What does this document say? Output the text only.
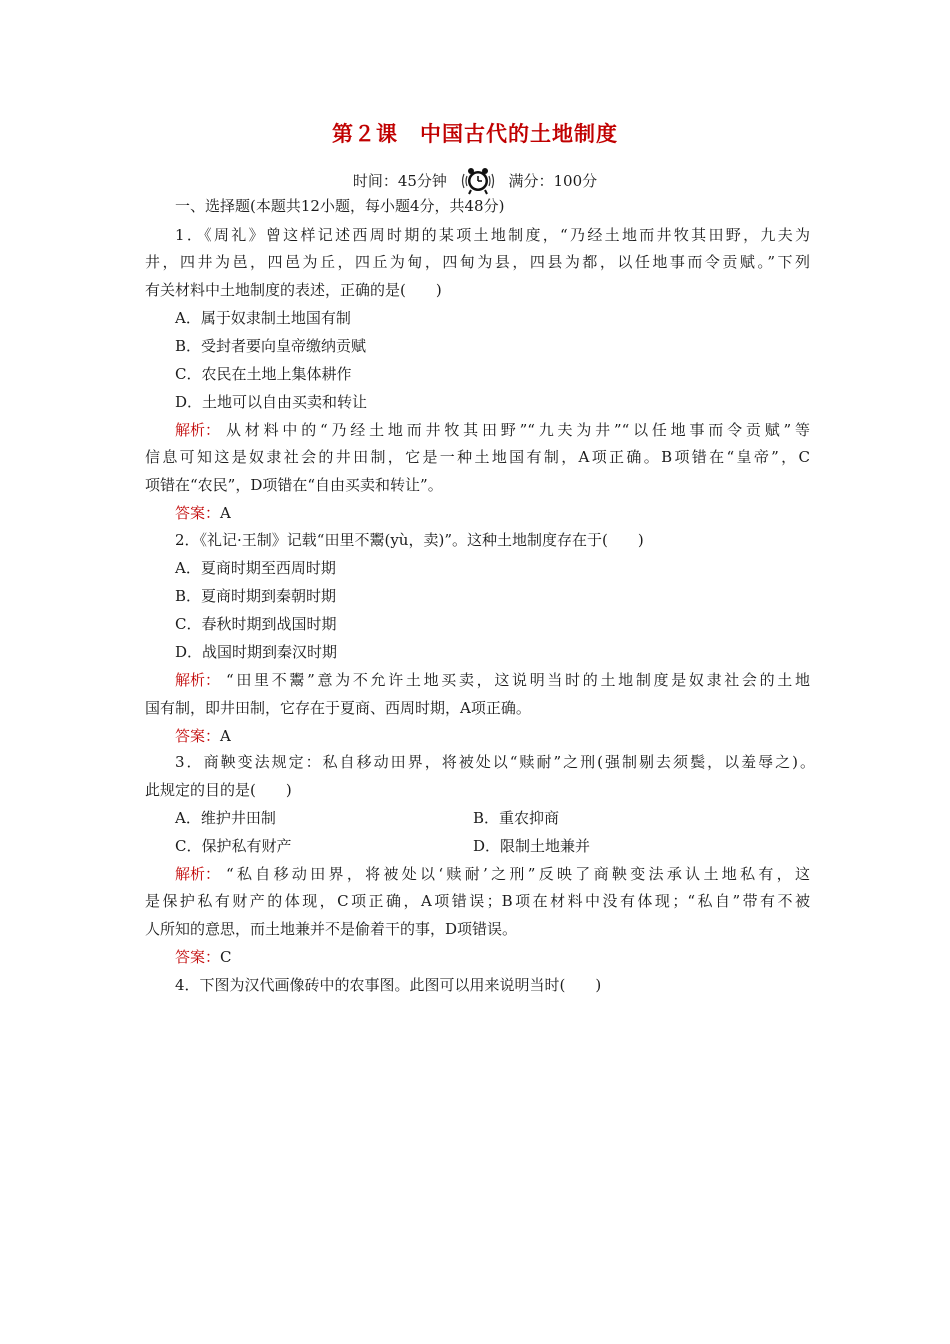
第２课　中国古代的土地制度
时间：45分钟	满分：100分
一、选择题(本题共12小题，每小题4分，共48分)
1．《周礼》曾这样记述西周时期的某项土地制度，“乃经土地而井牧其田野，九夫为
井，四井为邑，四邑为丘，四丘为甸，四甸为县，四县为都，以任地事而令贡赋。”下列
有关材料中土地制度的表述，正确的是(　　)
A．属于奴隶制土地国有制
B．受封者要向皇帝缴纳贡赋
C．农民在土地上集体耕作
D．土地可以自由买卖和转让
解析： 从材料中的“乃经土地而井牧其田野”“九夫为井”“以任地事而令贡赋”等
信息可知这是奴隶社会的井田制，它是一种土地国有制，A项正确。B项错在“皇帝”，C
项错在“农民”，D项错在“自由买卖和转让”。
答案：A
2．《礼记·王制》记载“田里不鬻(yù，卖)”。这种土地制度存在于(　　)
A．夏商时期至西周时期
B．夏商时期到秦朝时期
C．春秋时期到战国时期
D．战国时期到秦汉时期
解析： “田里不鬻”意为不允许土地买卖，这说明当时的土地制度是奴隶社会的土地
国有制，即井田制，它存在于夏商、西周时期，A项正确。
答案：A
3．商鞅变法规定：私自移动田界，将被处以“赎耐”之刑(强制剔去须鬓，以羞辱之)。
此规定的目的是(　　)
A．维护井田制	B．重农抑商
C．保护私有财产	D．限制土地兼并
解析： “私自移动田界，将被处以‘赎耐’之刑”反映了商鞅变法承认土地私有，这
是保护私有财产的体现，C项正确，A项错误；B项在材料中没有体现；“私自”带有不被
人所知的意思，而土地兼并不是偷着干的事，D项错误。
答案：C
4．下图为汉代画像砖中的农事图。此图可以用来说明当时(　　)
